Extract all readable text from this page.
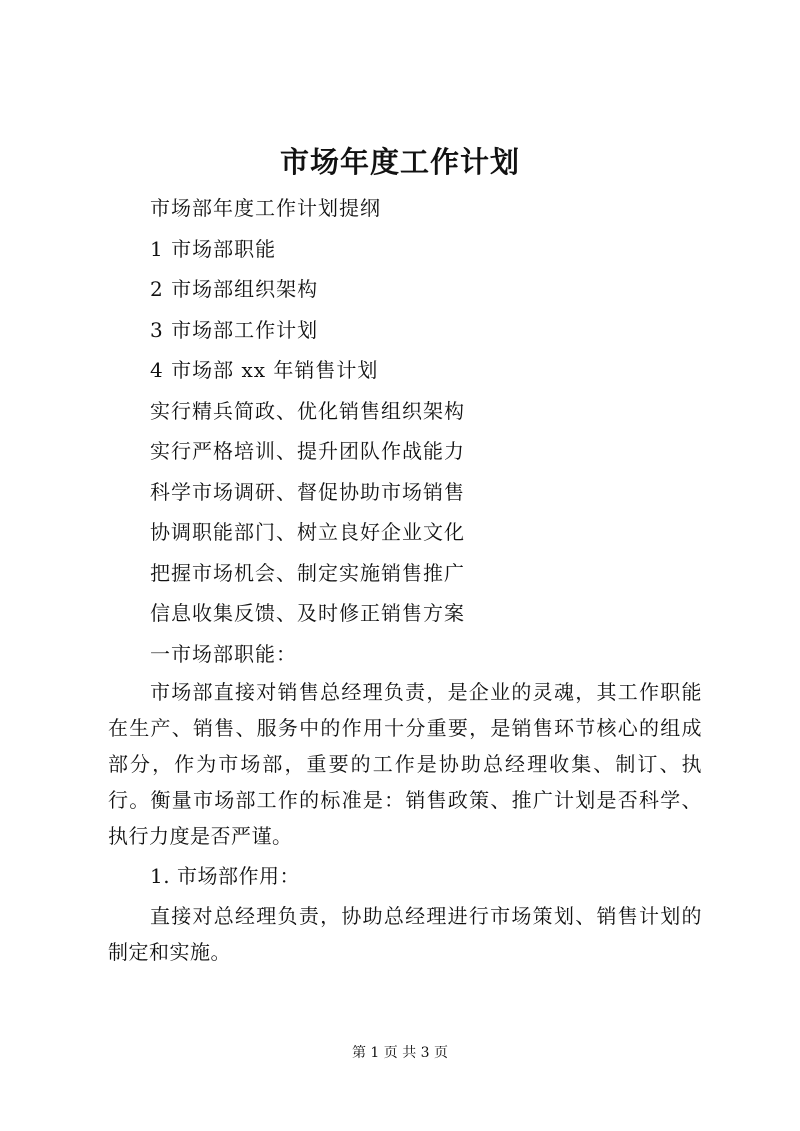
市场年度工作计划
市场部年度工作计划提纲
1 市场部职能
2 市场部组织架构
3 市场部工作计划
4 市场部 xx 年销售计划
实行精兵简政、优化销售组织架构
实行严格培训、提升团队作战能力
科学市场调研、督促协助市场销售
协调职能部门、树立良好企业文化
把握市场机会、制定实施销售推广
信息收集反馈、及时修正销售方案
一市场部职能：

市场部直接对销售总经理负责，是企业的灵魂，其工作职能在生产、销售、服务中的作用十分重要，是销售环节核心的组成部分，作为市场部，重要的工作是协助总经理收集、制订、执行。衡量市场部工作的标准是：销售政策、推广计划是否科学、执行力度是否严谨。

1. 市场部作用：

直接对总经理负责，协助总经理进行市场策划、销售计划的制定和实施。

第 1 页 共 3 页
